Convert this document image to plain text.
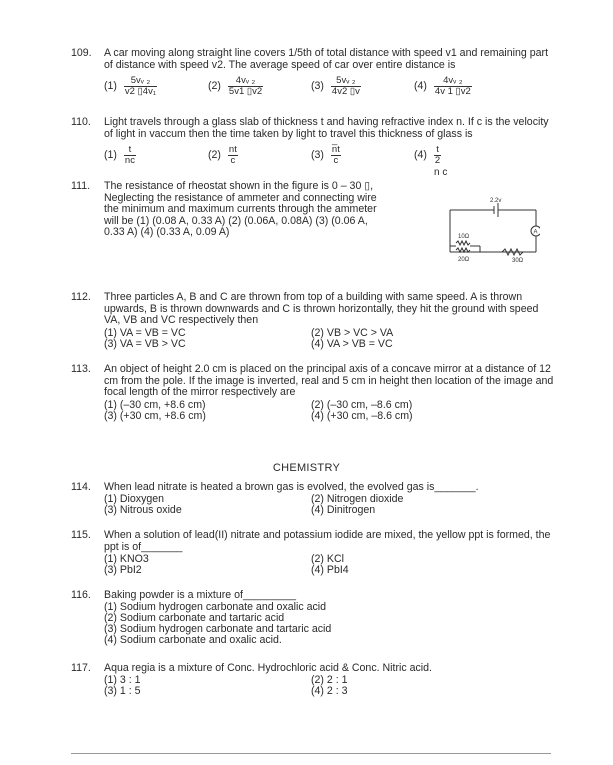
109. A car moving along straight line covers 1/5th of total distance with speed v1 and remaining part of distance with speed v2. The average speed of car over entire distance is

$(1) \frac{\text{5vᵥ ₂}}{\text{v2 ▯4v₁}}$	$(2) \frac{\text{4vᵥ ₂}}{5v1 ▯v2}$	$(3) \frac{\text{5vᵥ ₂}}{4v2 ▯v}$	$(4) \frac{\text{4vᵥ ₂}}{4v 1 ▯v2}$
110. Light travels through a glass slab of thickness t and having refractive index n. If c is the velocity of light in vaccum then the time taken by light to travel this thickness of glass is

$(1) \frac{t}{nc}$	$(2) \frac{nt}{c}$	$(3) \frac{n̅t}{c}$	$(4) \frac{t}{2}$
n c
111. The resistance of rheostat shown in the figure is 0 – 30 ▯, Neglecting the resistance of ammeter and connecting wire the minimum and maximum currents through the ammeter will be (1) (0.08 A, 0.33 A) (2) (0.06A, 0.08A) (3) (0.06 A, 0.33 A) (4) (0.33 A, 0.09 A)

2.2v
A
10Ω
20Ω	30Ω
112. Three particles A, B and C are thrown from top of a building with same speed. A is thrown upwards, B is thrown downwards and C is thrown horizontally, they hit the ground with speed VA, VB and VC respectively then

(1) VA = VB = VC	(2) VB > VC > VA
(3) VA = VB > VC	(4) VA > VB = VC
113. An object of height 2.0 cm is placed on the principal axis of a concave mirror at a distance of 12 cm from the pole. If the image is inverted, real and 5 cm in height then location of the image and focal length of the mirror respectively are

(1) (–30 cm, +8.6 cm)	(2) (–30 cm, –8.6 cm)
(3) (+30 cm, +8.6 cm)	(4) (+30 cm, –8.6 cm)
CHEMISTRY
114. When lead nitrate is heated a brown gas is evolved, the evolved gas is_______.

(1) Dioxygen	(2) Nitrogen dioxide
(3) Nitrous oxide	(4) Dinitrogen
115. When a solution of lead(II) nitrate and potassium iodide are mixed, the yellow ppt is formed, the ppt is of_______

(1) KNO3	(2) KCl
(3) PbI2	(4) PbI4
116. Baking powder is a mixture of_________

(1) Sodium hydrogen carbonate and oxalic acid
(2) Sodium carbonate and tartaric acid
(3) Sodium hydrogen carbonate and tartaric acid
(4) Sodium carbonate and oxalic acid.
117. Aqua regia is a mixture of Conc. Hydrochloric acid & Conc. Nitric acid.

(1) 3 : 1	(2) 2 : 1
(3) 1 : 5	(4) 2 : 3
